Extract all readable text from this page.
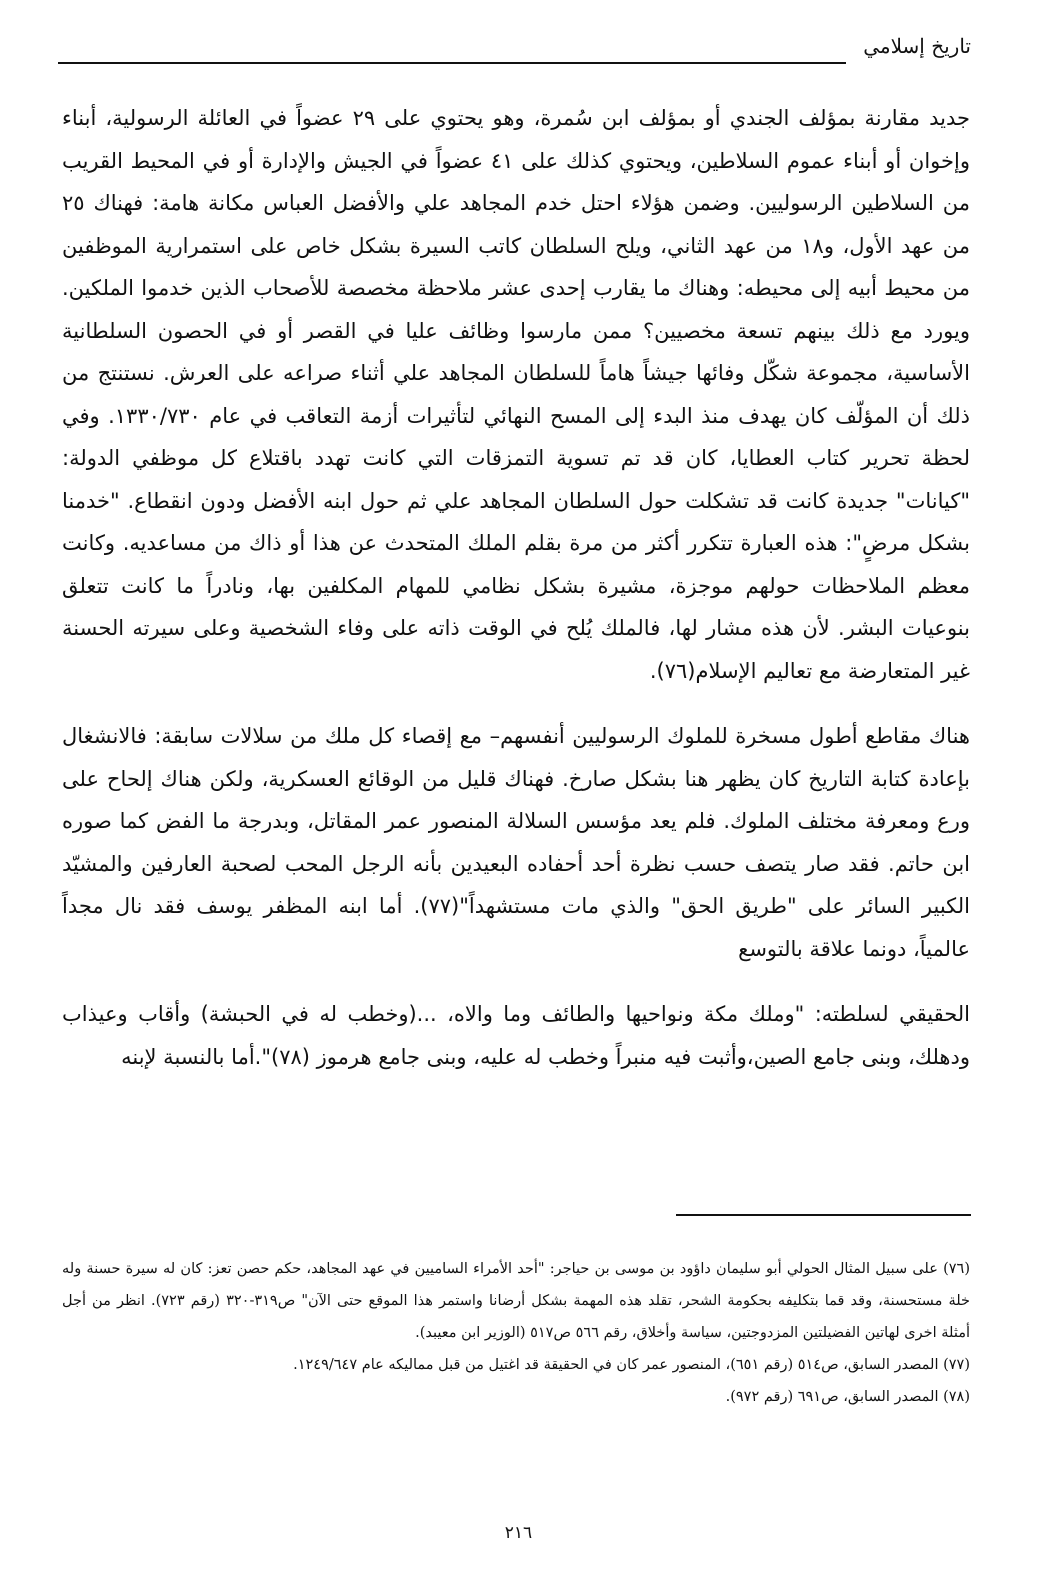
تاريخ إسلامي

جديد مقارنة بمؤلف الجندي أو بمؤلف ابن سُمرة، وهو يحتوي على ٢٩ عضواً في العائلة الرسولية، أبناء وإخوان أو أبناء عموم السلاطين، ويحتوي كذلك على ٤١ عضواً في الجيش والإدارة أو في المحيط القريب من السلاطين الرسوليين. وضمن هؤلاء احتل خدم المجاهد علي والأفضل العباس مكانة هامة: فهناك ٢٥ من عهد الأول، و١٨ من عهد الثاني، ويلح السلطان كاتب السيرة بشكل خاص على استمرارية الموظفين من محيط أبيه إلى محيطه: وهناك ما يقارب إحدى عشر ملاحظة مخصصة للأصحاب الذين خدموا الملكين. ويورد مع ذلك بينهم تسعة مخصيين؟ ممن مارسوا وظائف عليا في القصر أو في الحصون السلطانية الأساسية، مجموعة شكّل وفائها جيشاً هاماً للسلطان المجاهد علي أثناء صراعه على العرش. نستنتج من ذلك أن المؤلّف كان يهدف منذ البدء إلى المسح النهائي لتأثيرات أزمة التعاقب في عام ١٣٣٠/٧٣٠. وفي لحظة تحرير كتاب العطايا، كان قد تم تسوية التمزقات التي كانت تهدد باقتلاع كل موظفي الدولة: "كيانات" جديدة كانت قد تشكلت حول السلطان المجاهد علي ثم حول ابنه الأفضل ودون انقطاع. "خدمنا بشكل مرضٍ": هذه العبارة تتكرر أكثر من مرة بقلم الملك المتحدث عن هذا أو ذاك من مساعديه. وكانت معظم الملاحظات حولهم موجزة، مشيرة بشكل نظامي للمهام المكلفين بها، ونادراً ما كانت تتعلق بنوعيات البشر. لأن هذه مشار لها، فالملك يُلح في الوقت ذاته على وفاء الشخصية وعلى سيرته الحسنة غير المتعارضة مع تعاليم الإسلام(٧٦).

هناك مقاطع أطول مسخرة للملوك الرسوليين أنفسهم– مع إقصاء كل ملك من سلالات سابقة: فالانشغال بإعادة كتابة التاريخ كان يظهر هنا بشكل صارخ. فهناك قليل من الوقائع العسكرية، ولكن هناك إلحاح على ورع ومعرفة مختلف الملوك. فلم يعد مؤسس السلالة المنصور عمر المقاتل، وبدرجة ما الفض كما صوره ابن حاتم. فقد صار يتصف حسب نظرة أحد أحفاده البعيدين بأنه الرجل المحب لصحبة العارفين والمشيّد الكبير السائر على "طريق الحق" والذي مات مستشهداً"(٧٧). أما ابنه المظفر يوسف فقد نال مجداً عالمياً، دونما علاقة بالتوسع

الحقيقي لسلطته: "وملك مكة ونواحيها والطائف وما والاه، ...(وخطب له في الحبشة) وأقاب وعيذاب ودهلك، وبنى جامع الصين،وأثبت فيه منبراً وخطب له عليه، وبنى جامع هرموز (٧٨)".أما بالنسبة لإبنه

(٧٦) على سبيل المثال الحولي أبو سليمان داؤود بن موسى بن حياجر: "أحد الأمراء الساميين في عهد المجاهد، حكم حصن تعز: كان له سيرة حسنة وله خلة مستحسنة، وقد قما بتكليفه بحكومة الشحر، تقلد هذه المهمة بشكل أرضانا واستمر هذا الموقع حتى الآن" ص٣١٩-٣٢٠ (رقم ٧٢٣). انظر من أجل أمثلة اخرى لهاتين الفضيلتين المزدوجتين، سياسة وأخلاق، رقم ٥٦٦ ص٥١٧ (الوزير ابن معيبد).

(٧٧) المصدر السابق، ص٥١٤ (رقم ٦٥١)، المنصور عمر كان في الحقيقة قد اغتيل من قبل مماليكه عام ١٢٤٩/٦٤٧.

(٧٨) المصدر السابق، ص٦٩١ (رقم ٩٧٢).

٢١٦
